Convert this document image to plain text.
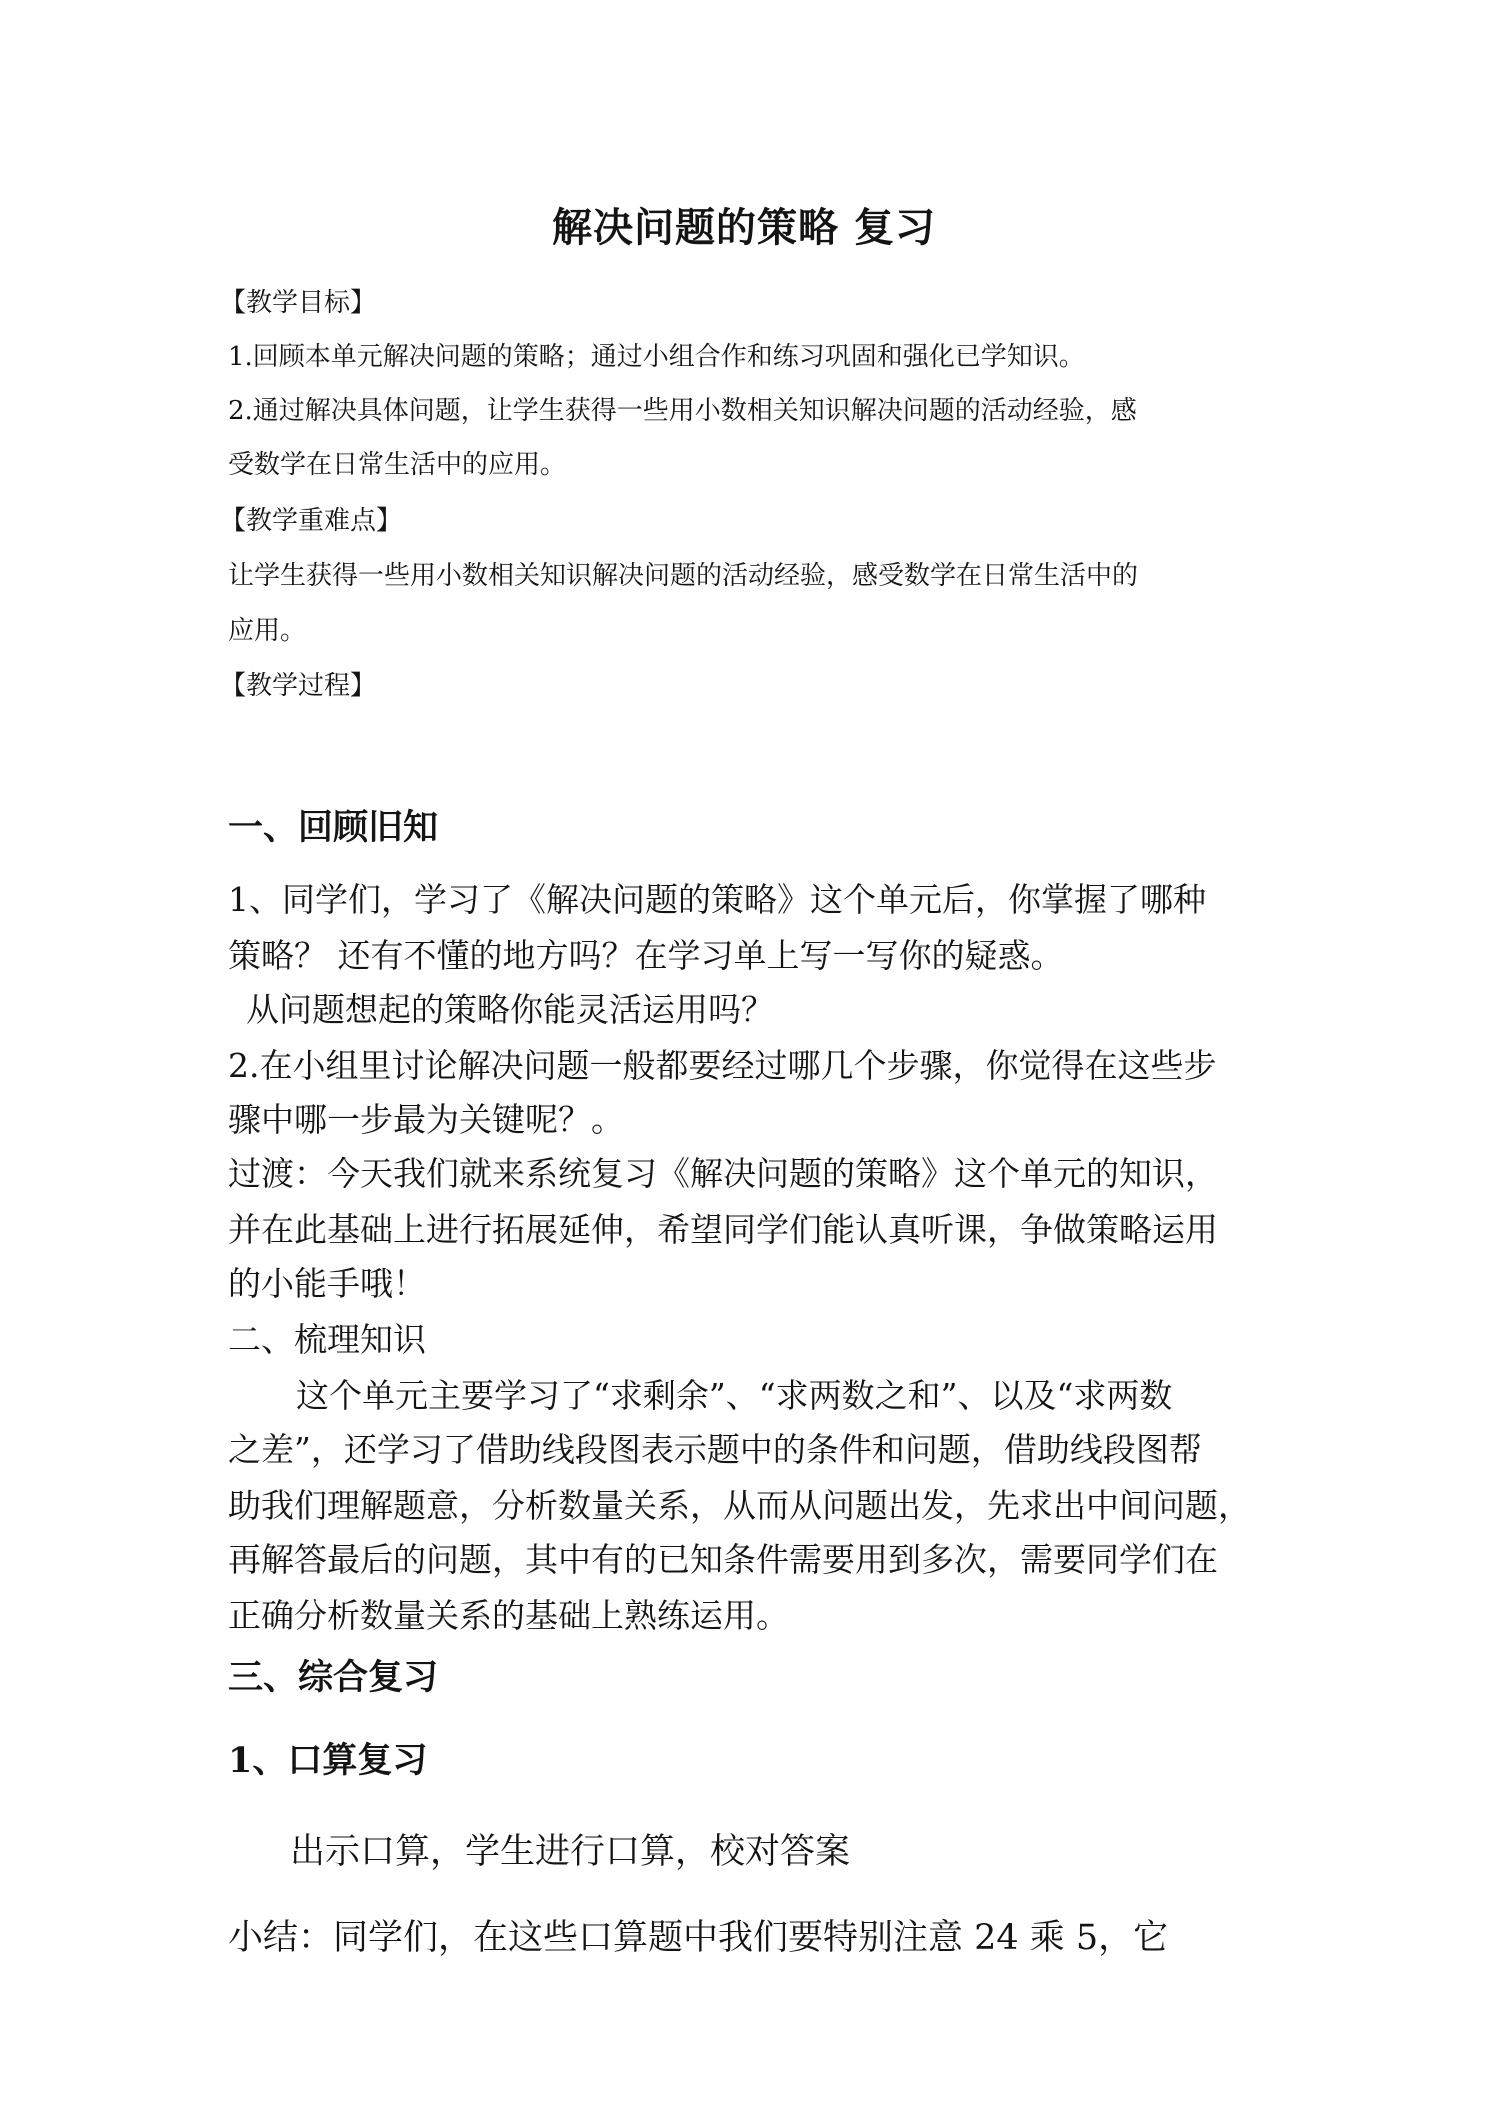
解决问题的策略 复习
【教学目标】
1.回顾本单元解决问题的策略；通过小组合作和练习巩固和强化已学知识。
2.通过解决具体问题，让学生获得一些用小数相关知识解决问题的活动经验，感
受数学在日常生活中的应用。
【教学重难点】
让学生获得一些用小数相关知识解决问题的活动经验，感受数学在日常生活中的
应用。
【教学过程】
一、回顾旧知
1、同学们，学习了《解决问题的策略》这个单元后，你掌握了哪种
策略？ 还有不懂的地方吗？在学习单上写一写你的疑惑。
从问题想起的策略你能灵活运用吗？
2.在小组里讨论解决问题一般都要经过哪几个步骤，你觉得在这些步
骤中哪一步最为关键呢？。
过渡：今天我们就来系统复习《解决问题的策略》这个单元的知识，
并在此基础上进行拓展延伸，希望同学们能认真听课，争做策略运用
的小能手哦！
二、梳理知识
这个单元主要学习了“求剩余”、“求两数之和”、以及“求两数
之差”，还学习了借助线段图表示题中的条件和问题，借助线段图帮
助我们理解题意，分析数量关系，从而从问题出发，先求出中间问题，
再解答最后的问题，其中有的已知条件需要用到多次，需要同学们在
正确分析数量关系的基础上熟练运用。
三、综合复习
1、口算复习
出示口算，学生进行口算，校对答案
小结：同学们，在这些口算题中我们要特别注意 24 乘 5，它
